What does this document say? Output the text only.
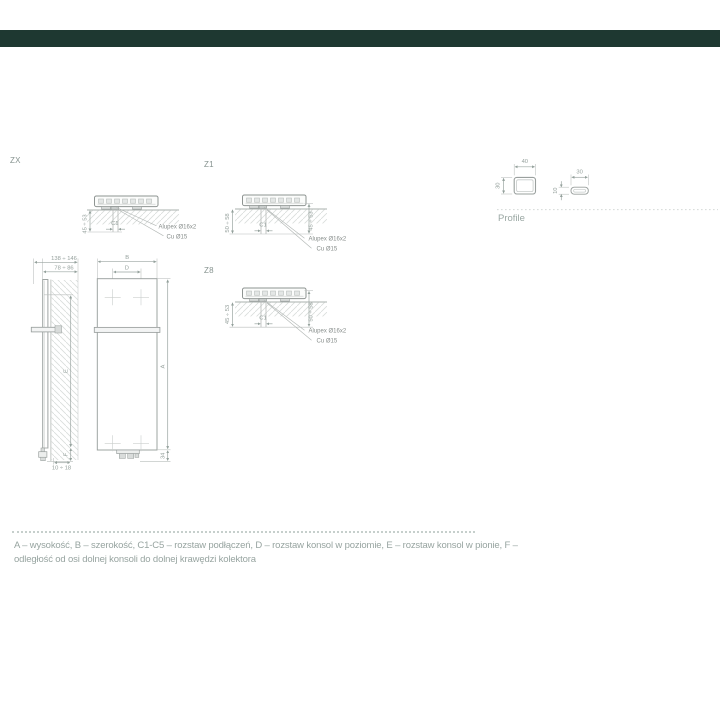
ZX	Z1
Z8
45 ÷ 53	C1
Alupex Ø16x2
Cu Ø15
50 ÷ 58	45 ÷ 53
C1
Alupex Ø16x2
Cu Ø15
45 ÷ 53	50 ÷ 58
C1
Alupex Ø16x2
Cu Ø15
138 ÷ 146
78 ÷ 86
E
F
10 ÷ 18
B
D
A
34
40
30
30
10
Profile
A – wysokość, B – szerokość, C1-C5 – rozstaw podłączeń, D – rozstaw konsol w poziomie, E – rozstaw konsol w pionie, F –
odległość od osi dolnej konsoli do dolnej krawędzi kolektora
